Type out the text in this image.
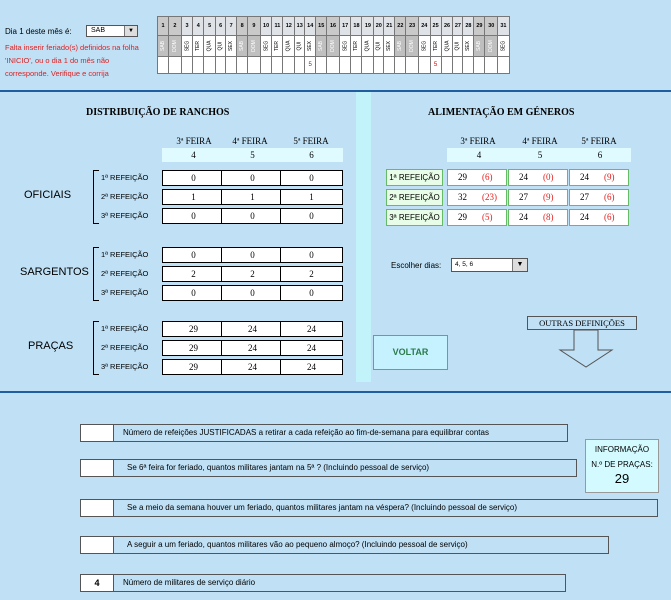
Dia 1 deste mês é:	SAB	▼
Falta inserir feriado(s) definidos na folha
'INICIO', ou o dia 1 do mês não
corresponde. Verifique e corrija
1	2	3	4	5	6	7	8	9	10	11	12	13	14	15	16	17	18	19	20	21	22	23	24	25	26	27	28	29	30	31
SAB	DOM	SEG	TER	QUA	QUI	SEX	SAB	DOM	SEG	TER	QUA	QUI	SEX	SAB	DOM	SEG	TER	QUA	QUI	SEX	SAB	DOM	SEG	TER	QUA	QUI	SEX	SAB	DOM	SEG
													5											5						
DISTRIBUIÇÃO DE RANCHOS
3ª FEIRA	4ª FEIRA	5ª FEIRA
4	5	6
OFICIAIS
SARGENTOS
PRAÇAS
1ª REFEIÇÃO	0	0	0
2ª REFEIÇÃO	1	1	1
3ª REFEIÇÃO	0	0	0
1ª REFEIÇÃO	0	0	0
2ª REFEIÇÃO	2	2	2
3ª REFEIÇÃO	0	0	0
1ª REFEIÇÃO	29	24	24
2ª REFEIÇÃO	29	24	24
3ª REFEIÇÃO	29	24	24
ALIMENTAÇÃO EM GÉNEROS
3ª FEIRA	4ª FEIRA	5ª FEIRA
4	5	6
1ª REFEIÇÃO	29 (6)	24 (0)	24 (9)
2ª REFEIÇÃO	32 (23) 27 (9)	27 (6)
3ª REFEIÇÃO	29 (5)	24 (8)	24 (6)
Escolher dias: 4, 5, 6	▼
OUTRAS DEFINIÇÕES
VOLTAR
Número de refeições JUSTIFICADAS a retirar a cada refeição ao fim-de-semana para equilibrar contas
Se 6ª feira for feriado, quantos militares jantam na 5ª ? (Incluindo pessoal de serviço)
Se a meio da semana houver um feriado, quantos militares jantam na véspera? (Incluindo pessoal de serviço)
A seguir a um feriado, quantos militares vão ao pequeno almoço? (Incluindo pessoal de serviço)
4	Número de militares de serviço diário
INFORMAÇÃO
N.º DE PRAÇAS:
29
